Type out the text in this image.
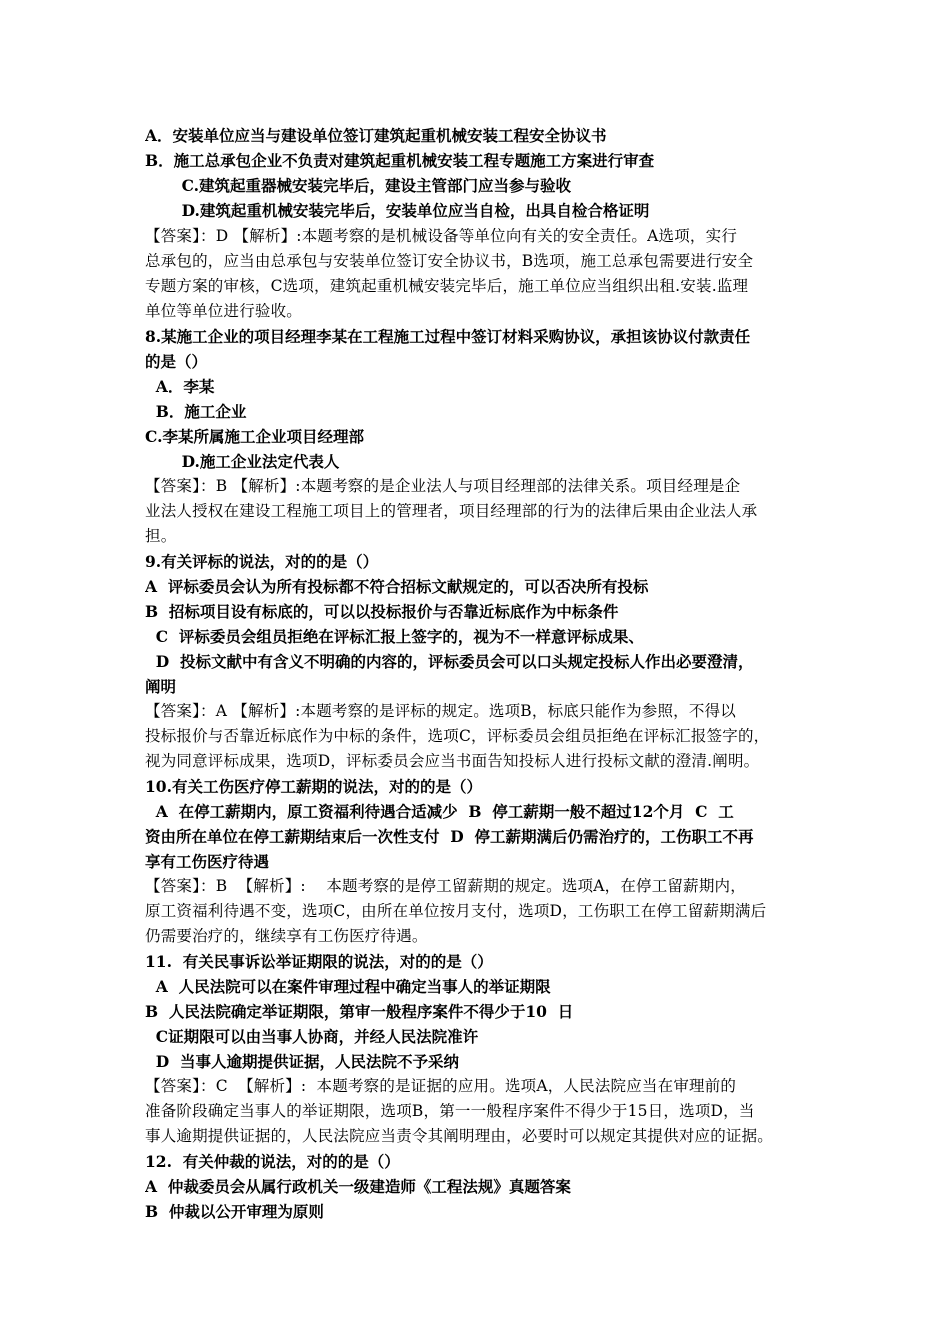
A．安装单位应当与建设单位签订建筑起重机械安装工程安全协议书
B．施工总承包企业不负责对建筑起重机械安装工程专题施工方案进行审查
C.建筑起重器械安装完毕后，建设主管部门应当参与验收
D.建筑起重机械安装完毕后，安装单位应当自检，出具自检合格证明
【答案】：D 【解析】:本题考察的是机械设备等单位向有关的安全责任。A选项，实行
总承包的，应当由总承包与安装单位签订安全协议书，B选项，施工总承包需要进行安全
专题方案的审核，C选项，建筑起重机械安装完毕后，施工单位应当组织出租.安装.监理
单位等单位进行验收。
8.某施工企业的项目经理李某在工程施工过程中签订材料采购协议，承担该协议付款责任
的是（）
A．李某
B．施工企业
C.李某所属施工企业项目经理部
D.施工企业法定代表人
【答案】：B 【解析】:本题考察的是企业法人与项目经理部的法律关系。项目经理是企
业法人授权在建设工程施工项目上的管理者，项目经理部的行为的法律后果由企业法人承
担。
9.有关评标的说法，对的的是（）
A  评标委员会认为所有投标都不符合招标文献规定的，可以否决所有投标
B  招标项目设有标底的，可以以投标报价与否靠近标底作为中标条件
C  评标委员会组员拒绝在评标汇报上签字的，视为不一样意评标成果、
D  投标文献中有含义不明确的内容的，评标委员会可以口头规定投标人作出必要澄清，
阐明
【答案】：A 【解析】:本题考察的是评标的规定。选项B，标底只能作为参照，不得以
投标报价与否靠近标底作为中标的条件，选项C，评标委员会组员拒绝在评标汇报签字的，
视为同意评标成果，选项D，评标委员会应当书面告知投标人进行投标文献的澄清.阐明。
10.有关工伤医疗停工薪期的说法，对的的是（）
A  在停工薪期内，原工资福利待遇合适减少  B  停工薪期一般不超过12个月  C  工
资由所在单位在停工薪期结束后一次性支付  D  停工薪期满后仍需治疗的，工伤职工不再
享有工伤医疗待遇
【答案】：B  【解析】:    本题考察的是停工留薪期的规定。选项A，在停工留薪期内，
原工资福利待遇不变，选项C，由所在单位按月支付，选项D，工伤职工在停工留薪期满后
仍需要治疗的，继续享有工伤医疗待遇。
11.  有关民事诉讼举证期限的说法，对的的是（）
A  人民法院可以在案件审理过程中确定当事人的举证期限
B  人民法院确定举证期限，第审一般程序案件不得少于10  日
C证期限可以由当事人协商，并经人民法院准许
D  当事人逾期提供证据，人民法院不予采纳
【答案】：C  【解析】:  本题考察的是证据的应用。选项A，人民法院应当在审理前的
准备阶段确定当事人的举证期限，选项B，第一一般程序案件不得少于15日，选项D，当
事人逾期提供证据的，人民法院应当责令其阐明理由，必要时可以规定其提供对应的证据。
12.  有关仲裁的说法，对的的是（）
A  仲裁委员会从属行政机关一级建造师《工程法规》真题答案
B  仲裁以公开审理为原则
